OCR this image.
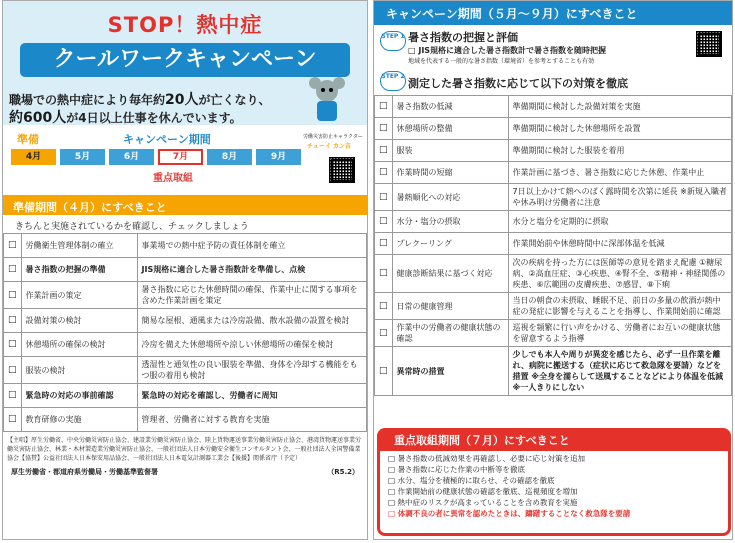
STOP！熱中症
クールワークキャンペーン
職場での熱中症により毎年約20人が亡くなり、
約600人が4日以上仕事を休んでいます。
準備	キャンペーン期間
4月	5月	6月	7月	8月	9月
重点取組
労働災害防止キャラクター
チューイ カン吉
準備期間（４月）にすべきこと
きちんと実施されているかを確認し、チェックしましょう
□	労働衛生管理体制の確立	事業場での熱中症予防の責任体制を確立
□	暑さ指数の把握の準備	JIS規格に適合した暑さ指数計を準備し、点検
□	作業計画の策定	暑さ指数に応じた休憩時間の確保、作業中止に関する事項を含めた作業計画を策定
□	設備対策の検討	簡易な屋根、通風または冷房設備、散水設備の設置を検討
□	休憩場所の確保の検討	冷房を備えた休憩場所や涼しい休憩場所の確保を検討
□	服装の検討	透湿性と通気性の良い服装を準備、身体を冷却する機能をもつ服の着用も検討
□	緊急時の対応の事前確認	緊急時の対応を確認し、労働者に周知
□	教育研修の実施	管理者、労働者に対する教育を実施
【主唱】厚生労働省、中央労働災害防止協会、建設業労働災害防止協会、陸上貨物運送事業労働災害防止協会、港湾貨物運送事業労働災害防止協会、林業・木材製造業労働災害防止協会、一般社団法人日本労働安全衛生コンサルタント会、一般社団法人全国警備業協会【協賛】公益社団法人日本保安用品協会、一般社団法人日本電気計測器工業会【後援】関係省庁（予定）
厚生労働省・都道府県労働局・労働基準監督署	（R5.2）
キャンペーン期間（５月～９月）にすべきこと
STEP 1 暑さ指数の把握と評価
□ JIS規格に適合した暑さ指数計で暑さ指数を随時把握
地域を代表する一般的な暑さ指数（環境省）を参考とすることも有効
STEP 2
測定した暑さ指数に応じて以下の対策を徹底
□	暑さ指数の低減	準備期間に検討した設備対策を実施
□	休憩場所の整備	準備期間に検討した休憩場所を設置
□	服装	準備期間に検討した服装を着用
□	作業時間の短縮	作業計画に基づき、暑さ指数に応じた休憩、作業中止
□	暑熱順化への対応	7日以上かけて熱へのばく露時間を次第に延長 ※新規入職者や休み明け労働者に注意
□	水分・塩分の摂取	水分と塩分を定期的に摂取
□	プレクーリング	作業開始前や休憩時間中に深部体温を低減
□	健康診断結果に基づく対応	次の疾病を持った方には医師等の意見を踏まえ配慮 ①糖尿病、②高血圧症、③心疾患、④腎不全、⑤精神・神経関係の疾患、⑥広範囲の皮膚疾患、⑦感冒、⑧下痢
□	日常の健康管理	当日の朝食の未摂取、睡眠不足、前日の多量の飲酒が熱中症の発症に影響を与えることを指導し、作業開始前に確認
□	作業中の労働者の健康状態の確認	巡視を頻繁に行い声をかける、労働者にお互いの健康状態を留意するよう指導
□	異常時の措置	少しでも本人や周りが異変を感じたら、必ず一旦作業を離れ、病院に搬送する（症状に応じて救急隊を要請）などを措置 ※全身を濡らして送風することなどにより体温を低減 ※一人きりにしない
重点取組期間（７月）にすべきこと
□ 暑さ指数の低減効果を再確認し、必要に応じ対策を追加
□ 暑さ指数に応じた作業の中断等を徹底
□ 水分、塩分を積極的に取らせ、その確認を徹底
□ 作業開始前の健康状態の確認を徹底、巡視頻度を増加
□ 熱中症のリスクが高まっていることを含め教育を実施
□ 体調不良の者に異常を認めたときは、躊躇することなく救急隊を要請
